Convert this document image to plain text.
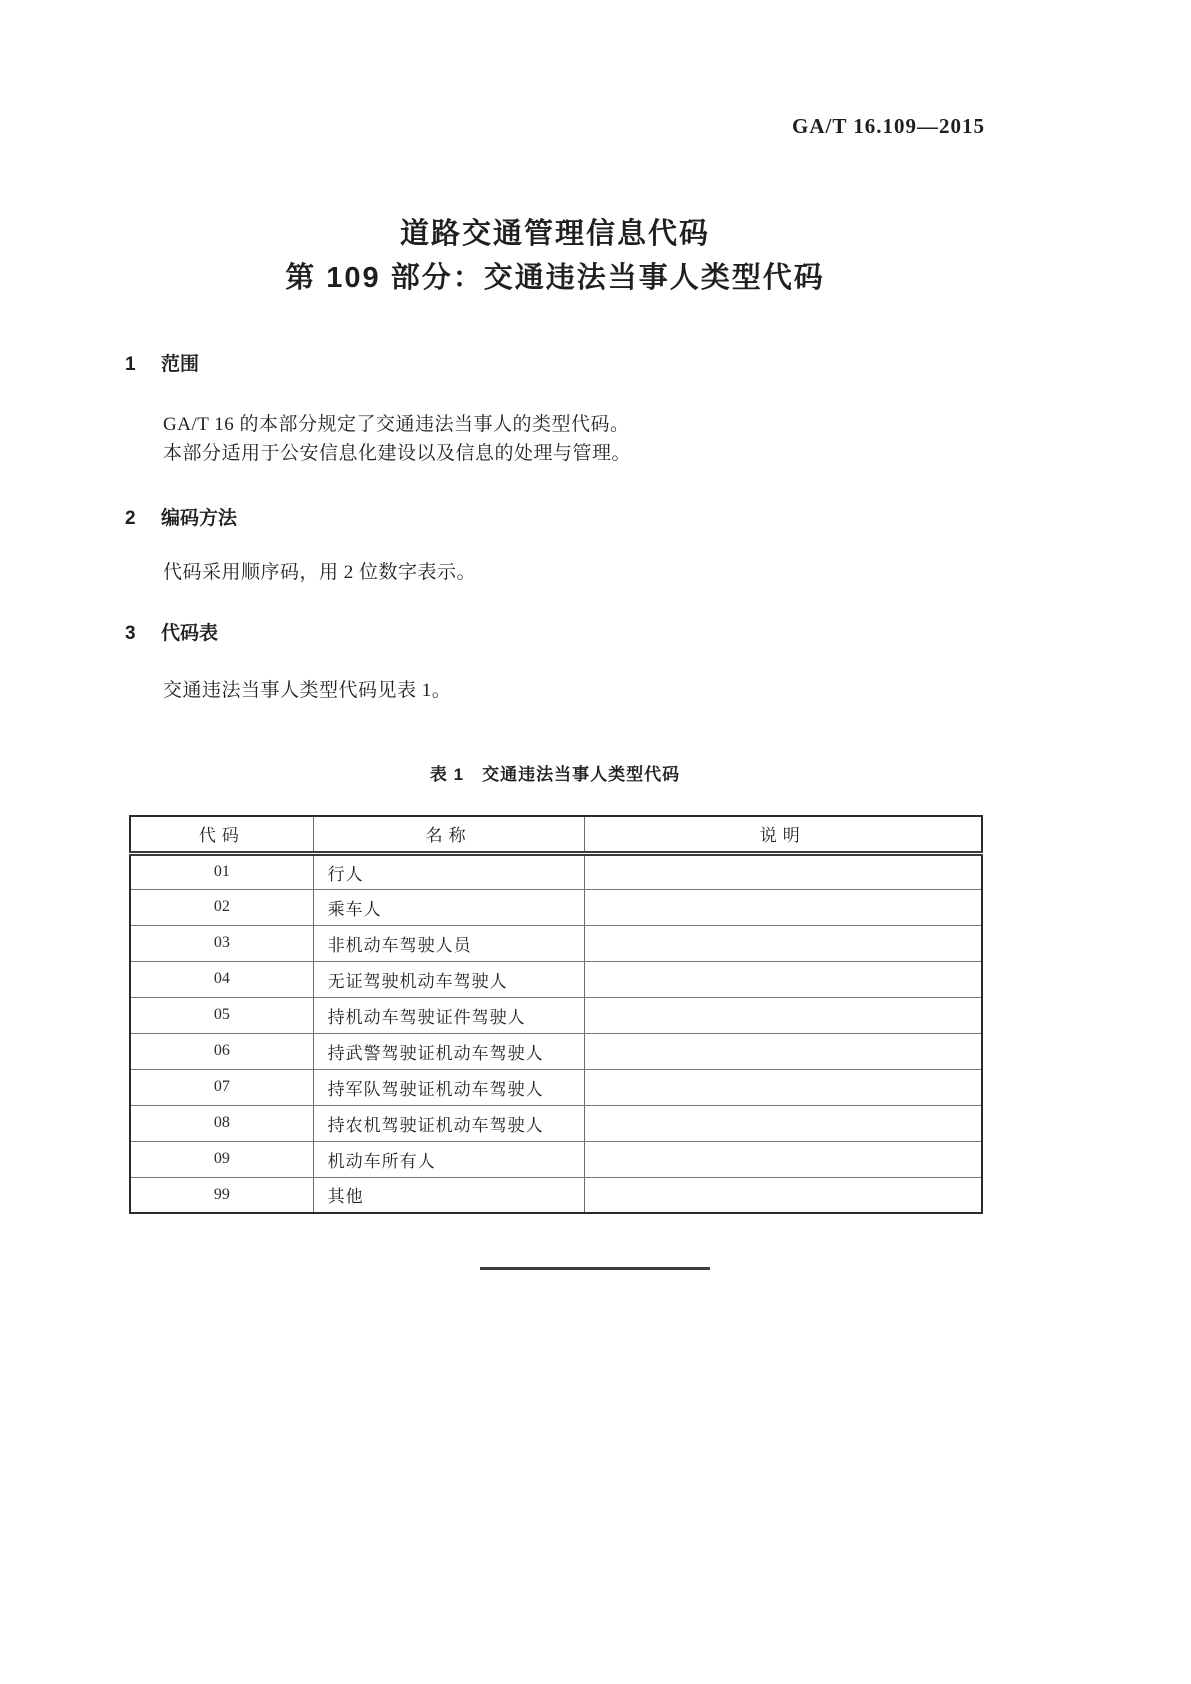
GA/T 16.109—2015
道路交通管理信息代码
第 109 部分：交通违法当事人类型代码
1 范围

GA/T 16 的本部分规定了交通违法当事人的类型代码。

本部分适用于公安信息化建设以及信息的处理与管理。

2 编码方法

代码采用顺序码，用 2 位数字表示。

3 代码表

交通违法当事人类型代码见表 1。

表 1 交通违法当事人类型代码
代码	名称	说明
01	行人	
02	乘车人	
03	非机动车驾驶人员	
04	无证驾驶机动车驾驶人	
05	持机动车驾驶证件驾驶人	
06	持武警驾驶证机动车驾驶人	
07	持军队驾驶证机动车驾驶人	
08	持农机驾驶证机动车驾驶人	
09	机动车所有人	
99	其他	
